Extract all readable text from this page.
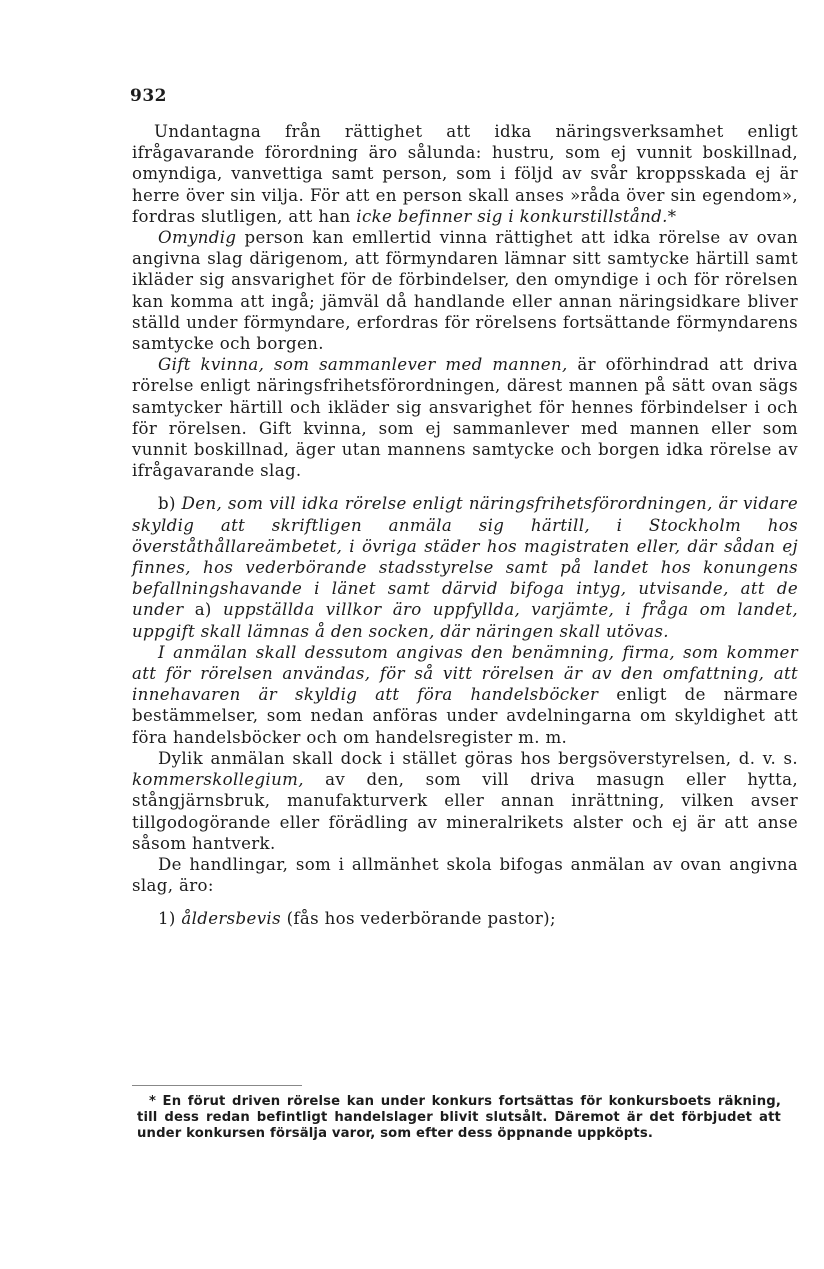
932

Undantagna från rättighet att idka näringsverksamhet enligt ifrågavarande förordning äro sålunda: hustru, som ej vunnit boskillnad, omyndiga, vanvettiga samt person, som i följd av svår kroppsskada ej är herre över sin vilja. För att en person skall anses »råda över sin egendom», fordras slutligen, att han icke befinner sig i konkurstillstånd.*

Omyndig person kan emllertid vinna rättighet att idka rörelse av ovan angivna slag därigenom, att förmyndaren lämnar sitt samtycke härtill samt ikläder sig ansvarighet för de förbindelser, den omyndige i och för rörelsen kan komma att ingå; jämväl då handlande eller annan näringsidkare bliver ställd under förmyndare, erfordras för rörelsens fortsättande förmyndarens samtycke och borgen.

Gift kvinna, som sammanlever med mannen, är oförhindrad att driva rörelse enligt näringsfrihetsförordningen, därest mannen på sätt ovan sägs samtycker härtill och ikläder sig ansvarighet för hennes förbindelser i och för rörelsen. Gift kvinna, som ej sammanlever med mannen eller som vunnit boskillnad, äger utan mannens samtycke och borgen idka rörelse av ifrågavarande slag.

b) Den, som vill idka rörelse enligt näringsfrihetsförordningen, är vidare skyldig att skriftligen anmäla sig härtill, i Stockholm hos överståthållareämbetet, i övriga städer hos magistraten eller, där sådan ej finnes, hos vederbörande stadsstyrelse samt på landet hos konungens befallningshavande i länet samt därvid bifoga intyg, utvisande, att de under a) uppställda villkor äro uppfyllda, varjämte, i fråga om landet, uppgift skall lämnas å den socken, där näringen skall utövas.

I anmälan skall dessutom angivas den benämning, firma, som kommer att för rörelsen användas, för så vitt rörelsen är av den omfattning, att innehavaren är skyldig att föra handelsböcker enligt de närmare bestämmelser, som nedan anföras under avdelningarna om skyldighet att föra handelsböcker och om handelsregister m. m.

Dylik anmälan skall dock i stället göras hos bergsöverstyrelsen, d. v. s. kommerskollegium, av den, som vill driva masugn eller hytta, stångjärnsbruk, manufakturverk eller annan inrättning, vilken avser tillgodogörande eller förädling av mineralrikets alster och ej är att anse såsom hantverk.

De handlingar, som i allmänhet skola bifogas anmälan av ovan angivna slag, äro:

1) åldersbevis (fås hos vederbörande pastor);

* En förut driven rörelse kan under konkurs fortsättas för konkursboets räkning, till dess redan befintligt handelslager blivit slutsålt. Däremot är det förbjudet att under konkursen försälja varor, som efter dess öppnande uppköpts.
